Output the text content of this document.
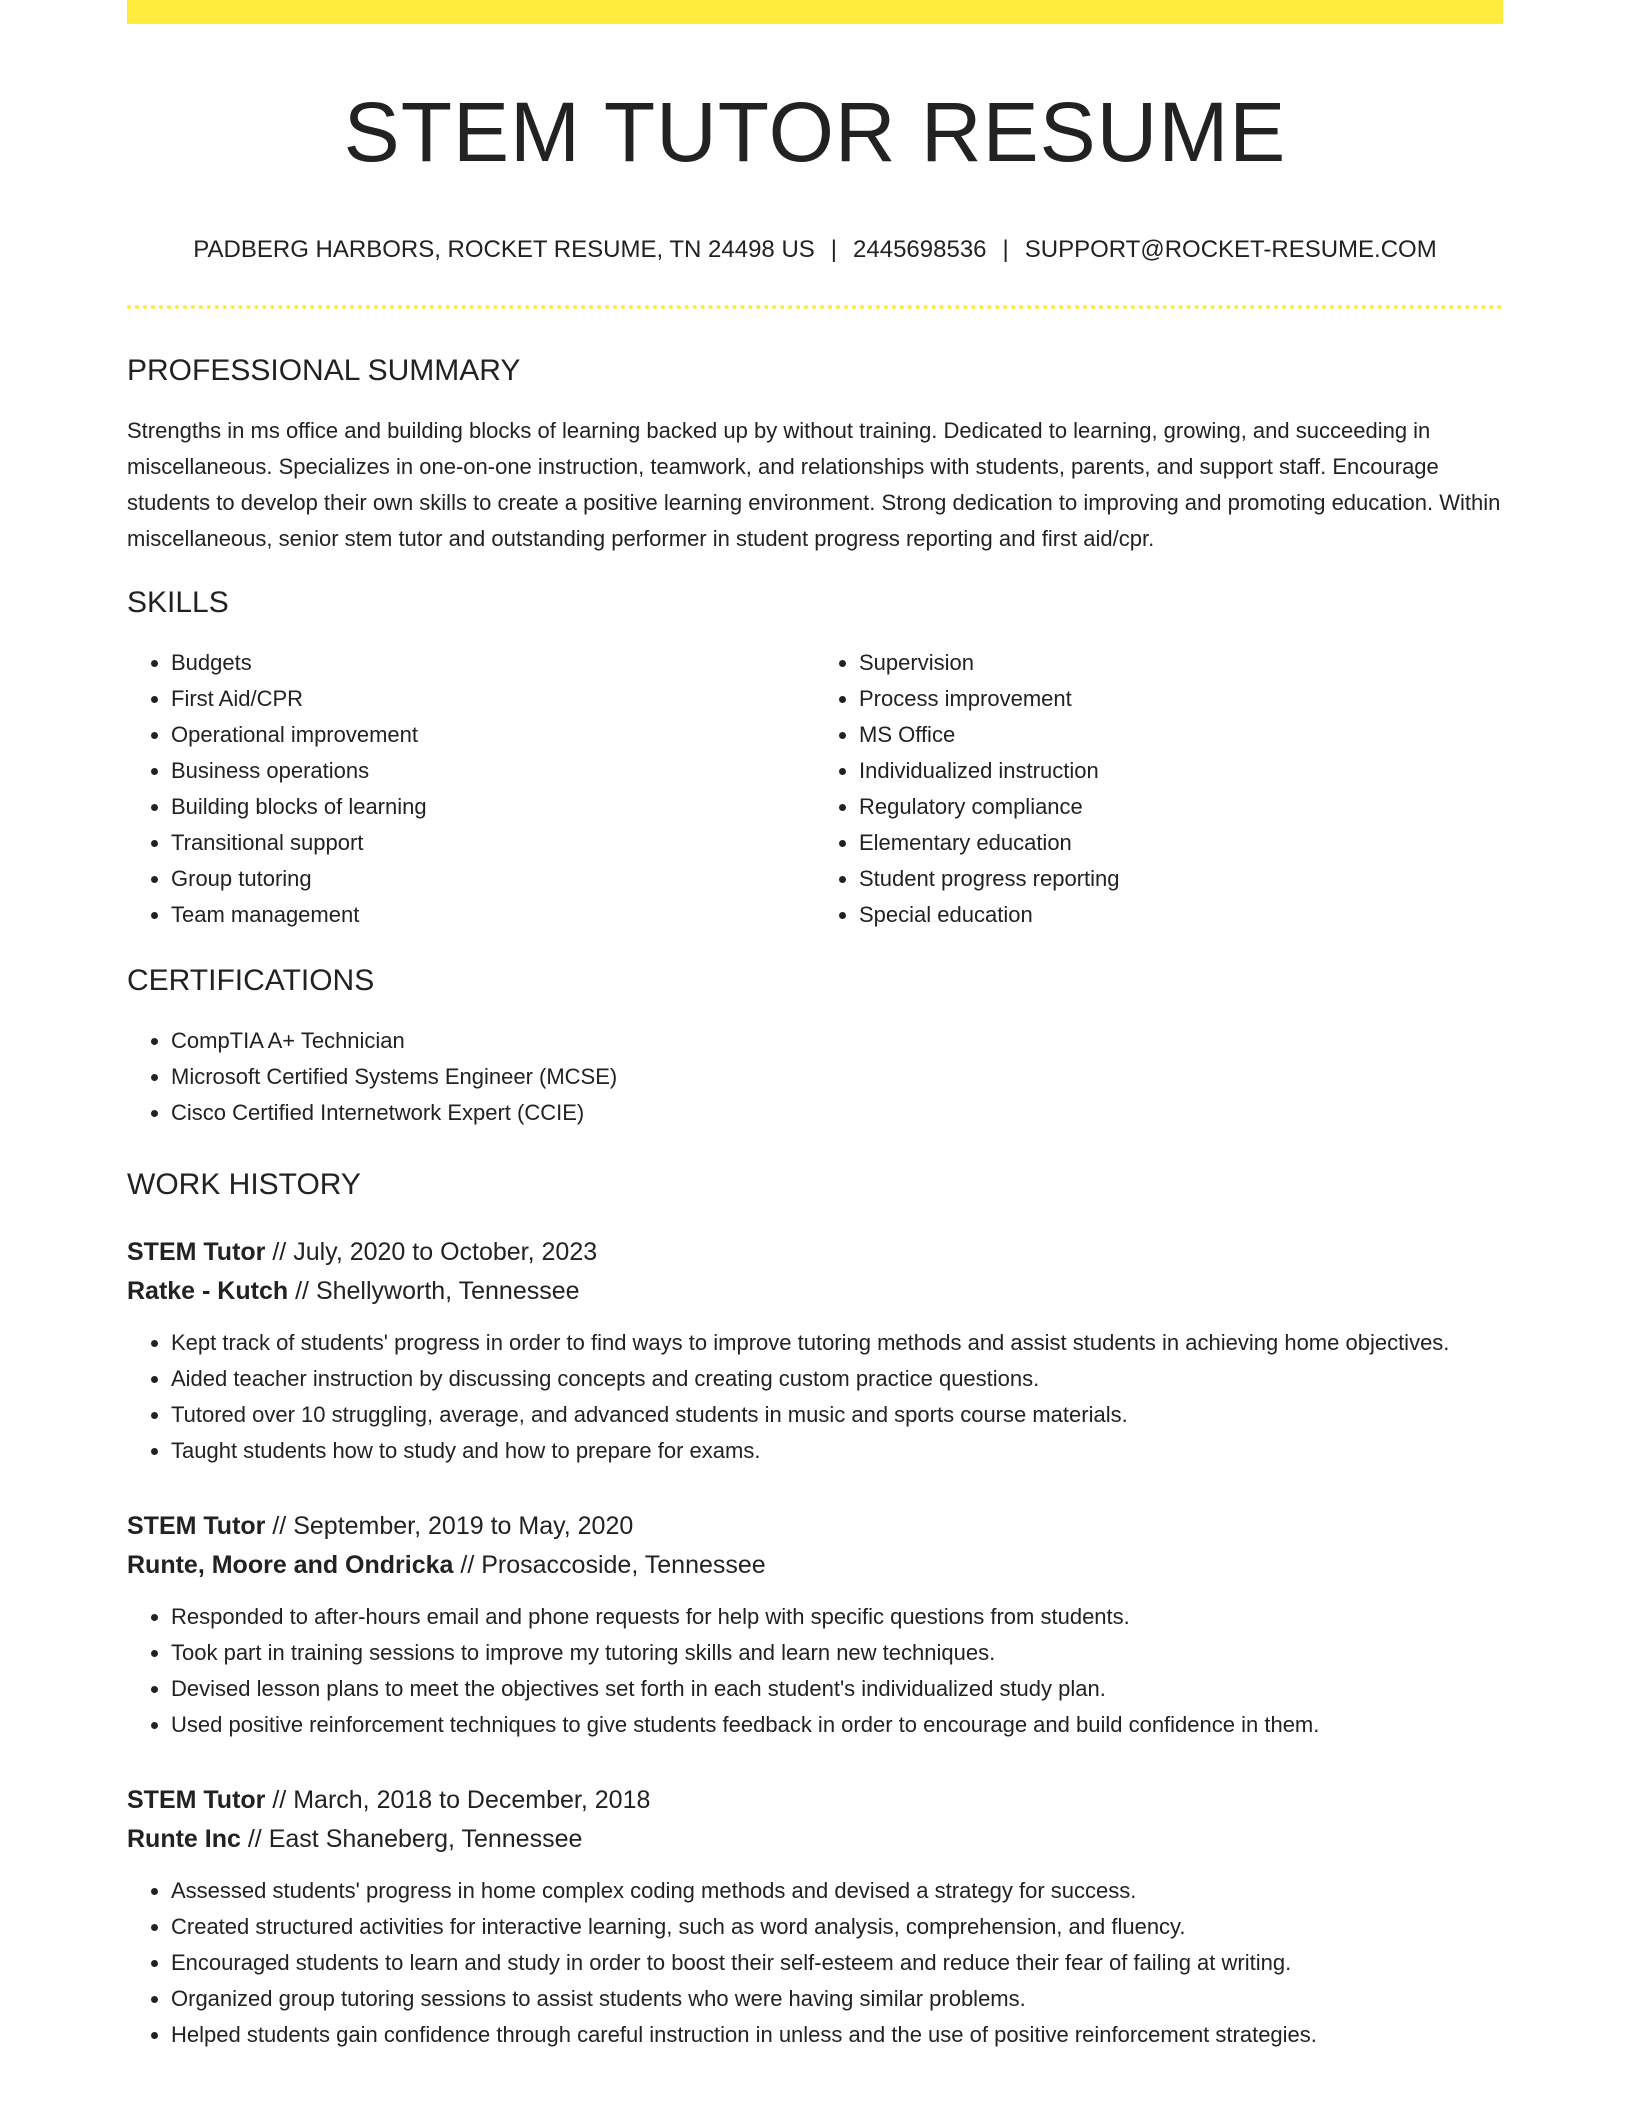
STEM TUTOR RESUME
PADBERG HARBORS, ROCKET RESUME, TN 24498 US | 2445698536 | SUPPORT@ROCKET-RESUME.COM
PROFESSIONAL SUMMARY
Strengths in ms office and building blocks of learning backed up by without training. Dedicated to learning, growing, and succeeding in miscellaneous. Specializes in one-on-one instruction, teamwork, and relationships with students, parents, and support staff. Encourage students to develop their own skills to create a positive learning environment. Strong dedication to improving and promoting education. Within miscellaneous, senior stem tutor and outstanding performer in student progress reporting and first aid/cpr.
SKILLS
• Budgets
• First Aid/CPR
• Operational improvement
• Business operations
• Building blocks of learning
• Transitional support
• Group tutoring
• Team management
• Supervision
• Process improvement
• MS Office
• Individualized instruction
• Regulatory compliance
• Elementary education
• Student progress reporting
• Special education
CERTIFICATIONS
• CompTIA A+ Technician
• Microsoft Certified Systems Engineer (MCSE)
• Cisco Certified Internetwork Expert (CCIE)
WORK HISTORY
STEM Tutor // July, 2020 to October, 2023
Ratke - Kutch // Shellyworth, Tennessee
• Kept track of students' progress in order to find ways to improve tutoring methods and assist students in achieving home objectives.
• Aided teacher instruction by discussing concepts and creating custom practice questions.
• Tutored over 10 struggling, average, and advanced students in music and sports course materials.
• Taught students how to study and how to prepare for exams.
STEM Tutor // September, 2019 to May, 2020
Runte, Moore and Ondricka // Prosaccoside, Tennessee
• Responded to after-hours email and phone requests for help with specific questions from students.
• Took part in training sessions to improve my tutoring skills and learn new techniques.
• Devised lesson plans to meet the objectives set forth in each student's individualized study plan.
• Used positive reinforcement techniques to give students feedback in order to encourage and build confidence in them.
STEM Tutor // March, 2018 to December, 2018
Runte Inc // East Shaneberg, Tennessee
• Assessed students' progress in home complex coding methods and devised a strategy for success.
• Created structured activities for interactive learning, such as word analysis, comprehension, and fluency.
• Encouraged students to learn and study in order to boost their self-esteem and reduce their fear of failing at writing.
• Organized group tutoring sessions to assist students who were having similar problems.
• Helped students gain confidence through careful instruction in unless and the use of positive reinforcement strategies.
